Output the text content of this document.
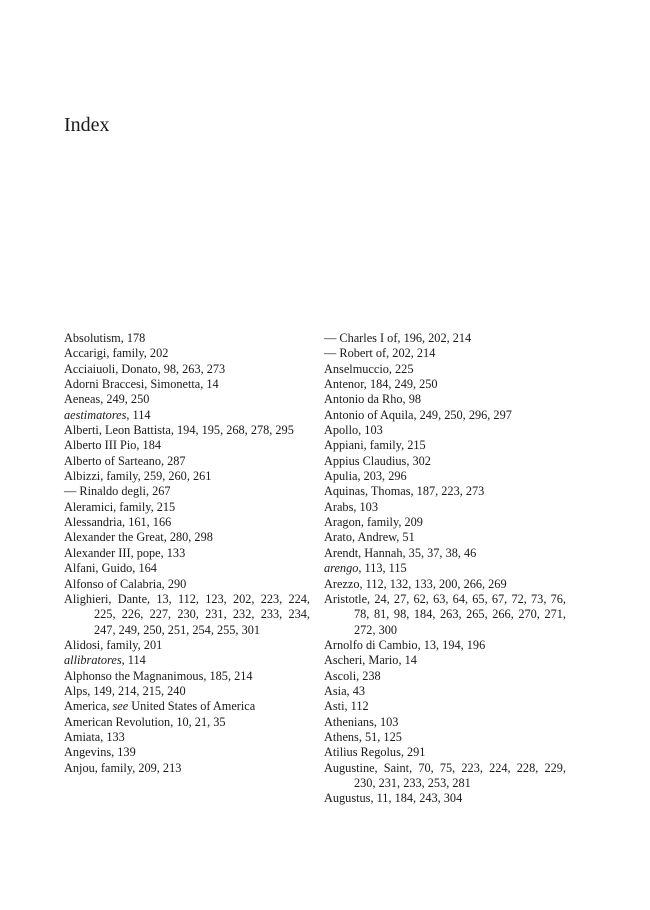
Index
Absolutism, 178
Accarigi, family, 202
Acciaiuoli, Donato, 98, 263, 273
Adorni Braccesi, Simonetta, 14
Aeneas, 249, 250
aestimatores, 114
Alberti, Leon Battista, 194, 195, 268, 278, 295
Alberto III Pio, 184
Alberto of Sarteano, 287
Albizzi, family, 259, 260, 261
— Rinaldo degli, 267
Aleramici, family, 215
Alessandria, 161, 166
Alexander the Great, 280, 298
Alexander III, pope, 133
Alfani, Guido, 164
Alfonso of Calabria, 290
Alighieri, Dante, 13, 112, 123, 202, 223, 224, 225, 226, 227, 230, 231, 232, 233, 234, 247, 249, 250, 251, 254, 255, 301
Alidosi, family, 201
allibratores, 114
Alphonso the Magnanimous, 185, 214
Alps, 149, 214, 215, 240
America, see United States of America
American Revolution, 10, 21, 35
Amiata, 133
Angevins, 139
Anjou, family, 209, 213
— Charles I of, 196, 202, 214
— Robert of, 202, 214
Anselmuccio, 225
Antenor, 184, 249, 250
Antonio da Rho, 98
Antonio of Aquila, 249, 250, 296, 297
Apollo, 103
Appiani, family, 215
Appius Claudius, 302
Apulia, 203, 296
Aquinas, Thomas, 187, 223, 273
Arabs, 103
Aragon, family, 209
Arato, Andrew, 51
Arendt, Hannah, 35, 37, 38, 46
arengo, 113, 115
Arezzo, 112, 132, 133, 200, 266, 269
Aristotle, 24, 27, 62, 63, 64, 65, 67, 72, 73, 76, 78, 81, 98, 184, 263, 265, 266, 270, 271, 272, 300
Arnolfo di Cambio, 13, 194, 196
Ascheri, Mario, 14
Ascoli, 238
Asia, 43
Asti, 112
Athenians, 103
Athens, 51, 125
Atilius Regolus, 291
Augustine, Saint, 70, 75, 223, 224, 228, 229, 230, 231, 233, 253, 281
Augustus, 11, 184, 243, 304
